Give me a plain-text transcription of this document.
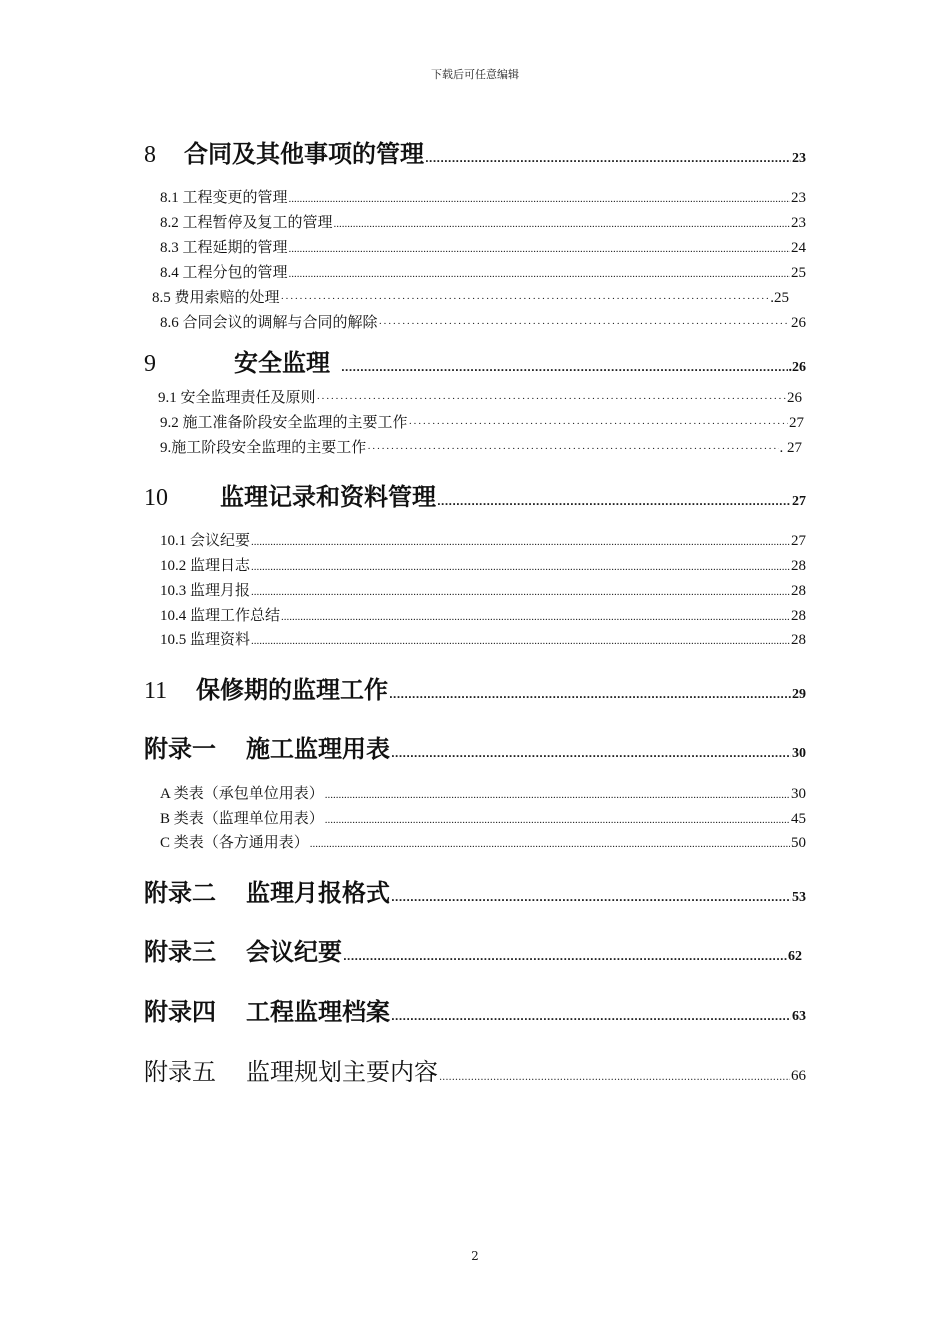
下载后可任意编辑
8	合同及其他事项的管理 .....	23
8.1 工程变更的管理 .....	23
8.2 工程暂停及复工的管理 .....	23
8.3 工程延期的管理 .....	24
8.4 工程分包的管理 .....	25
8.5 费用索赔的处理 ·····	.25
8.6 合同会议的调解与合同的解除 ·····	26
9	安全监理 .....	.26
9.1 安全监理责任及原则 ·····	26
9.2 施工准备阶段安全监理的主要工作 ·····	27
9.施工阶段安全监理的主要工作 ·····	. 27
10	监理记录和资料管理 .....	27
10.1 会议纪要 .....	27
10.2 监理日志 .....	28
10.3 监理月报 .....	28
10.4 监理工作总结 .....	28
10.5 监理资料 .....	28
11	保修期的监理工作 .....	29
附录一	施工监理用表 .....	30
A 类表（承包单位用表） .....	30
B 类表（监理单位用表） .....	45
C 类表（各方通用表） .....	50
附录二	监理月报格式 .....	53
附录三	会议纪要 .....	62
附录四	工程监理档案 .....	63
附录五	监理规划主要内容 .....	66
2
